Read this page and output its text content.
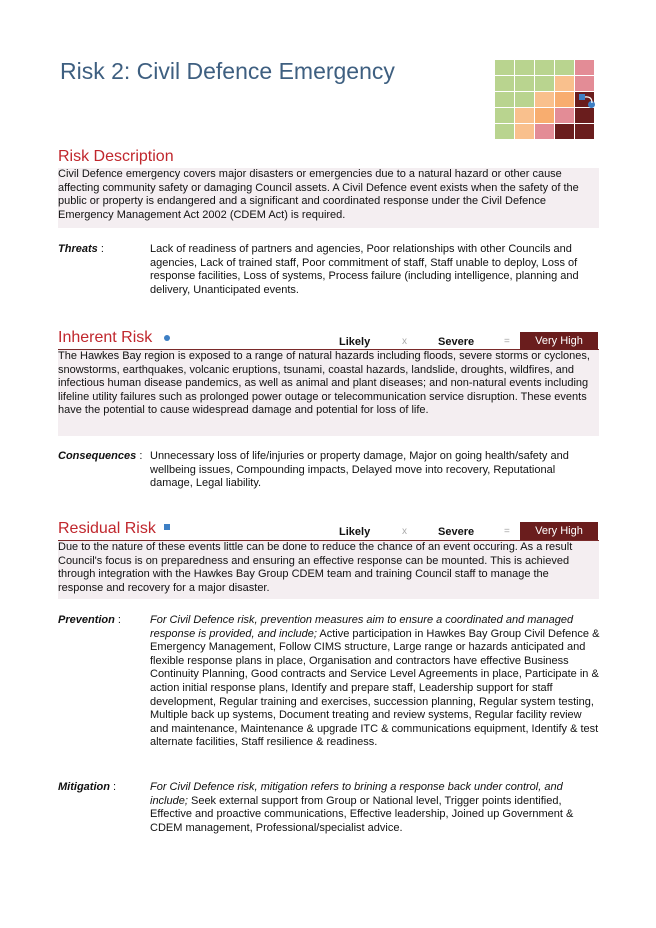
Risk 2: Civil Defence Emergency
Risk Description
Civil Defence emergency covers major disasters or emergencies due to a natural hazard or other cause affecting community safety or damaging Council assets. A Civil Defence event exists when the safety of the public or property is endangered and a significant and coordinated response under the Civil Defence Emergency Management Act 2002 (CDEM Act) is required.
Threats :	Lack of readiness of partners and agencies, Poor relationships with other Councils and agencies, Lack of trained staff, Poor commitment of staff, Staff unable to deploy, Loss of response facilities, Loss of systems, Process failure (including intelligence, planning and delivery, Unanticipated events.
Inherent Risk	Likely	x	Severe	=	Very High
The Hawkes Bay region is exposed to a range of natural hazards including floods, severe storms or cyclones, snowstorms, earthquakes, volcanic eruptions, tsunami, coastal hazards, landslide, droughts, wildfires, and infectious human disease pandemics, as well as animal and plant diseases; and non-natural events including lifeline utility failures such as prolonged power outage or telecommunication service disruption. These events have the potential to cause widespread damage and potential for loss of life.
Consequences : Unnecessary loss of life/injuries or property damage, Major on going health/safety and wellbeing issues, Compounding impacts, Delayed move into recovery, Reputational damage, Legal liability.
Residual Risk	Likely	x	Severe	=	Very High
Due to the nature of these events little can be done to reduce the chance of an event occuring. As a result Council's focus is on preparedness and ensuring an effective response can be mounted. This is achieved through integration with the Hawkes Bay Group CDEM team and training Council staff to manage the response and recovery for a major disaster.
Prevention :	For Civil Defence risk, prevention measures aim to ensure a coordinated and managed response is provided, and include; Active participation in Hawkes Bay Group Civil Defence & Emergency Management, Follow CIMS structure, Large range or hazards anticipated and flexible response plans in place, Organisation and contractors have effective Business Continuity Planning, Good contracts and Service Level Agreements in place, Participate in & action initial response plans, Identify and prepare staff, Leadership support for staff development, Regular training and exercises, succession planning, Regular system testing, Multiple back up systems, Document treating and review systems, Regular facility review and maintenance, Maintenance & upgrade ITC & communications equipment, Identify & test alternate facilities, Staff resilience & readiness.
Mitigation :	For Civil Defence risk, mitigation refers to brining a response back under control, and include; Seek external support from Group or National level, Trigger points identified, Effective and proactive communications, Effective leadership, Joined up Government & CDEM management, Professional/specialist advice.
